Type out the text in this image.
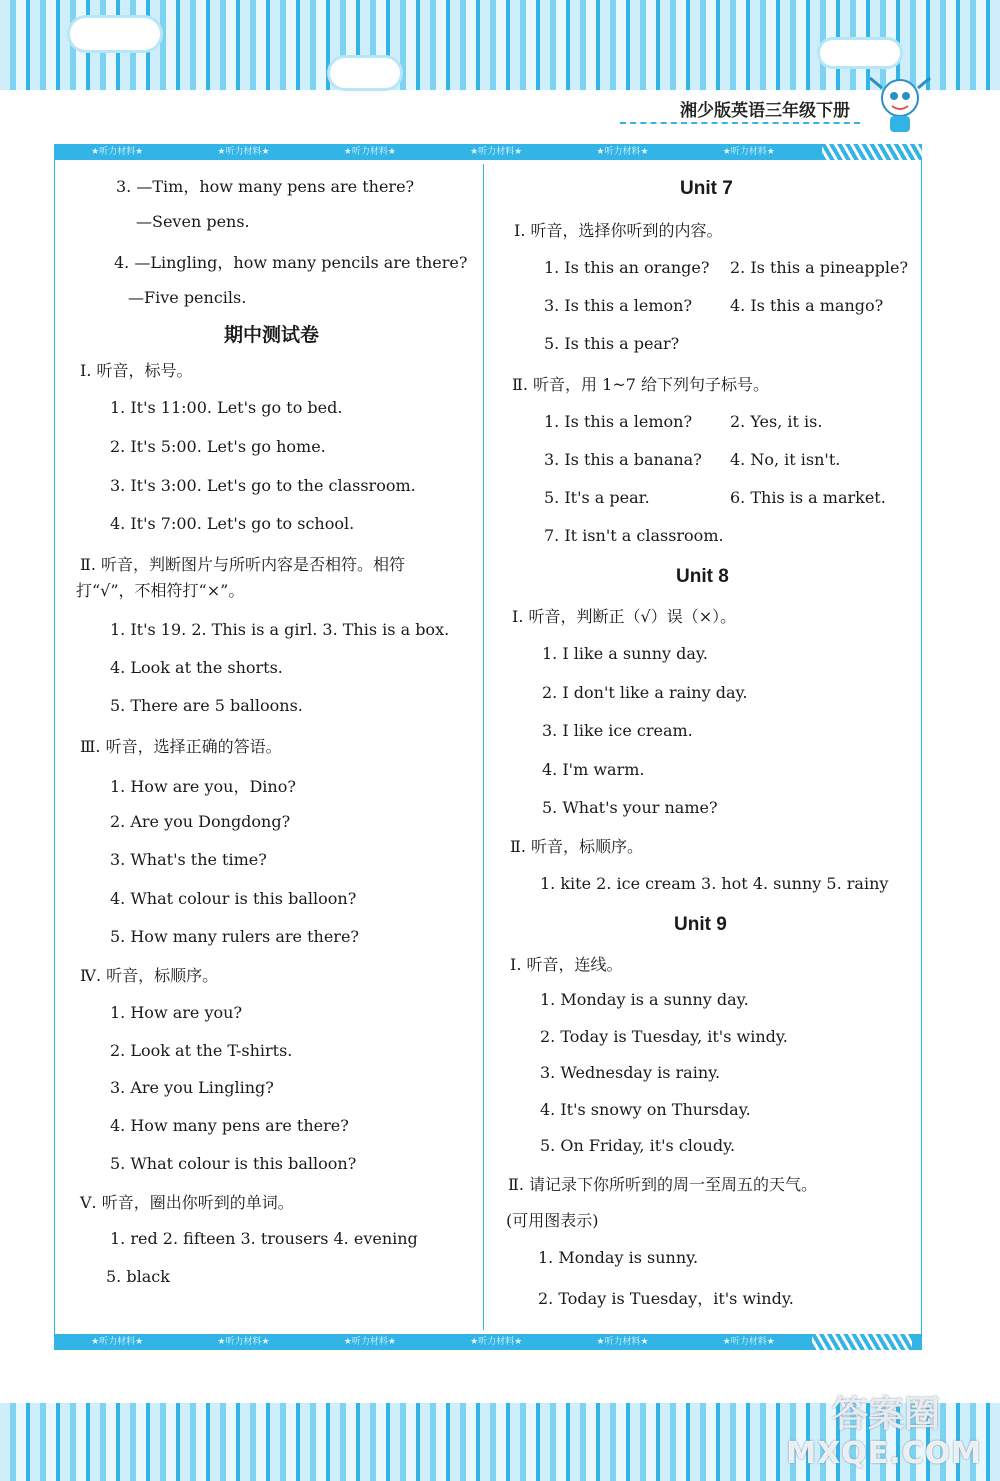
湘少版英语三年级下册
★听力材料★	★听力材料★	★听力材料★	★听力材料★	★听力材料★	★听力材料★
3. —Tim，how many pens are there?
—Seven pens.
4. —Lingling，how many pencils are there?
—Five pencils.
期中测试卷
Ⅰ. 听音，标号。
1. It's 11:00. Let's go to bed.
2. It's 5:00. Let's go home.
3. It's 3:00. Let's go to the classroom.
4. It's 7:00. Let's go to school.
Ⅱ. 听音，判断图片与所听内容是否相符。相符
打“√”，不相符打“×”。
1. It's 19. 2. This is a girl. 3. This is a box.
4. Look at the shorts.
5. There are 5 balloons.
Ⅲ. 听音，选择正确的答语。
1. How are you，Dino?
2. Are you Dongdong?
3. What's the time?
4. What colour is this balloon?
5. How many rulers are there?
Ⅳ. 听音，标顺序。
1. How are you?
2. Look at the T-shirts.
3. Are you Lingling?
4. How many pens are there?
5. What colour is this balloon?
Ⅴ. 听音，圈出你听到的单词。
1. red 2. fifteen 3. trousers 4. evening
5. black
Unit 7
Ⅰ. 听音，选择你听到的内容。
1. Is this an orange? 2. Is this a pineapple?
3. Is this a lemon? 4. Is this a mango?
5. Is this a pear?
Ⅱ. 听音，用 1~7 给下列句子标号。
1. Is this a lemon? 2. Yes, it is.
3. Is this a banana? 4. No, it isn't.
5. It's a pear.	6. This is a market.
7. It isn't a classroom.
Unit 8
Ⅰ. 听音，判断正（√）误（×）。
1. I like a sunny day.
2. I don't like a rainy day.
3. I like ice cream.
4. I'm warm.
5. What's your name?
Ⅱ. 听音，标顺序。
1. kite 2. ice cream 3. hot 4. sunny 5. rainy
Unit 9
Ⅰ. 听音，连线。
1. Monday is a sunny day.
2. Today is Tuesday, it's windy.
3. Wednesday is rainy.
4. It's snowy on Thursday.
5. On Friday, it's cloudy.
Ⅱ. 请记录下你所听到的周一至周五的天气。
(可用图表示)
1. Monday is sunny.
2. Today is Tuesday，it's windy.
★听力材料★	★听力材料★	★听力材料★	★听力材料★	★听力材料★	★听力材料★
答案圈
MXQE.COM
